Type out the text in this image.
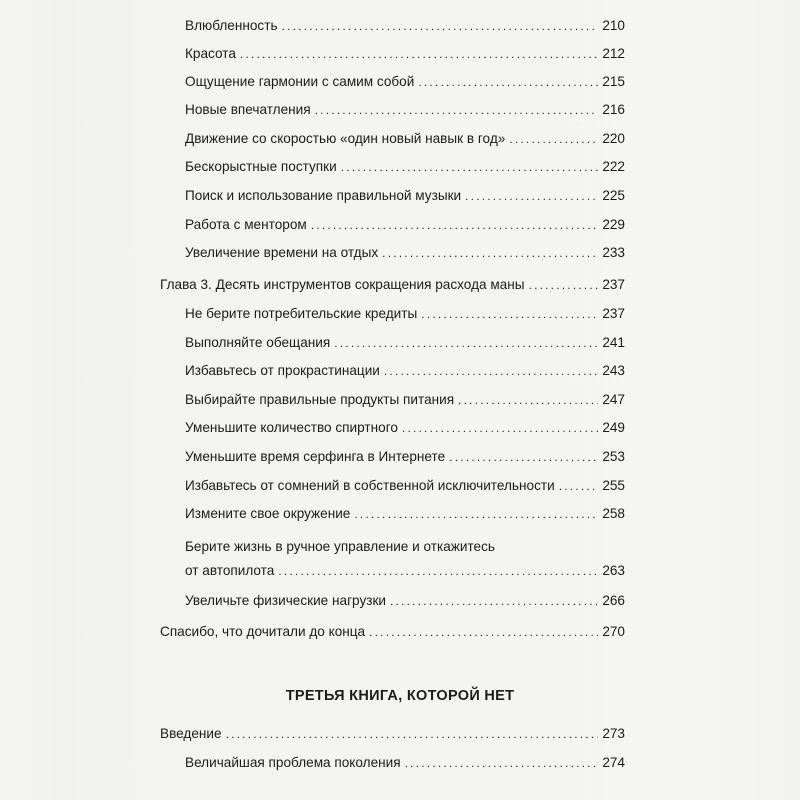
Влюбленность .....	210
Красота .....	212
Ощущение гармонии с самим собой .....	215
Новые впечатления .....	216
Движение со скоростью «один новый навык в год» .....	220
Бескорыстные поступки .....	222
Поиск и использование правильной музыки .....	225
Работа с ментором .....	229
Увеличение времени на отдых .....	233
Глава 3. Десять инструментов сокращения расхода маны .....	237
Не берите потребительские кредиты .....	237
Выполняйте обещания .....	241
Избавьтесь от прокрастинации .....	243
Выбирайте правильные продукты питания .....	247
Уменьшите количество спиртного .....	249
Уменьшите время серфинга в Интернете .....	253
Избавьтесь от сомнений в собственной исключительности .....	255
Измените свое окружение .....	258
Берите жизнь в ручное управление и откажитесь
от автопилота .....	263
Увеличьте физические нагрузки .....	266
Спасибо, что дочитали до конца .....	270
ТРЕТЬЯ КНИГА, КОТОРОЙ НЕТ
Введение .....	273
Величайшая проблема поколения .....	274
